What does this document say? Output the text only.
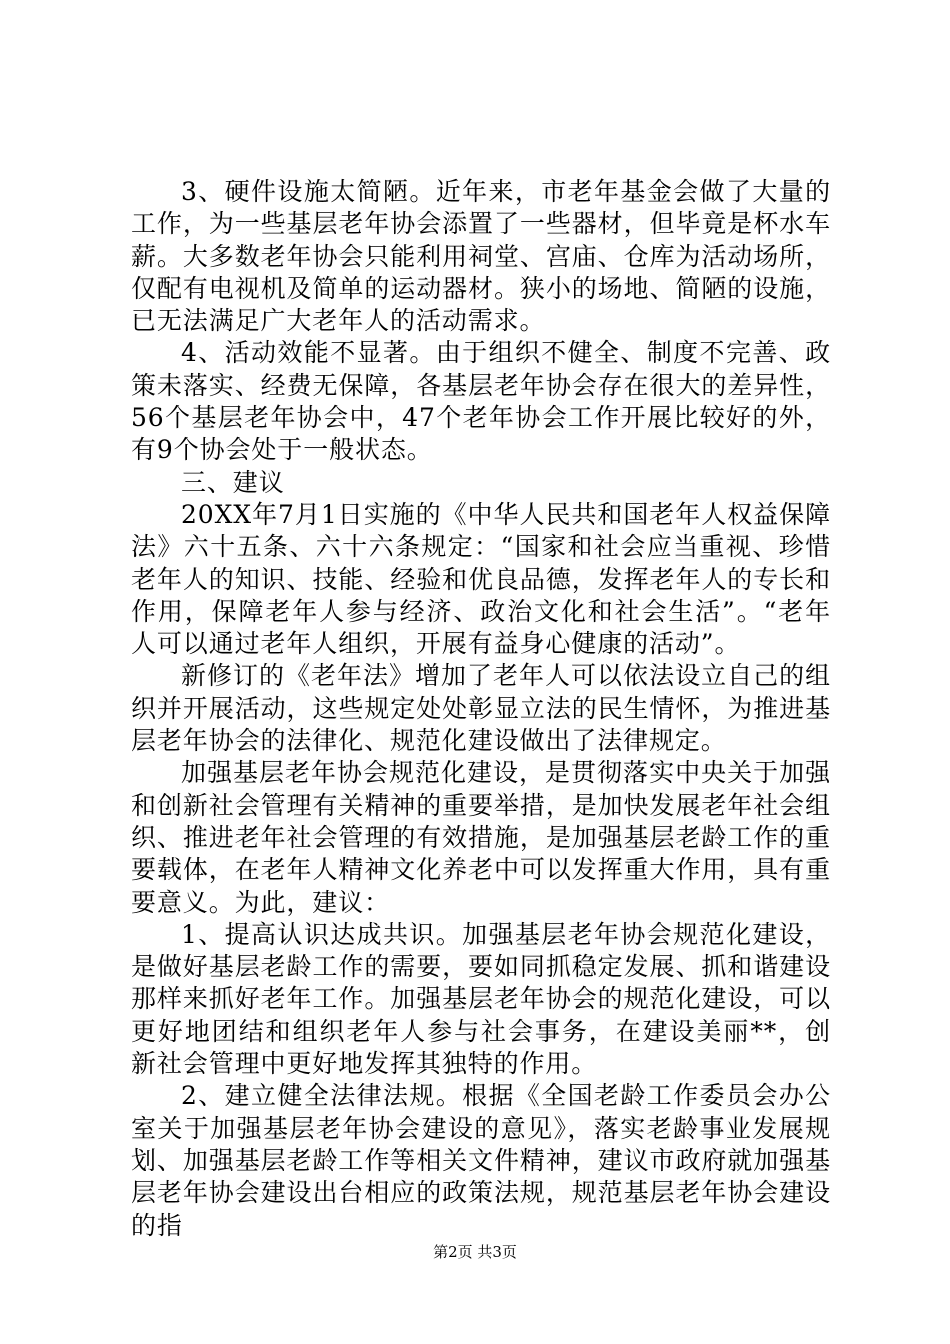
3、硬件设施太简陋。近年来，市老年基金会做了大量的工作，为一些基层老年协会添置了一些器材，但毕竟是杯水车薪。大多数老年协会只能利用祠堂、宫庙、仓库为活动场所，仅配有电视机及简单的运动器材。狭小的场地、简陋的设施，已无法满足广大老年人的活动需求。

4、活动效能不显著。由于组织不健全、制度不完善、政策未落实、经费无保障，各基层老年协会存在很大的差异性，56个基层老年协会中，47个老年协会工作开展比较好的外，有9个协会处于一般状态。

三、建议

20XX年7月1日实施的《中华人民共和国老年人权益保障法》六十五条、六十六条规定：“国家和社会应当重视、珍惜老年人的知识、技能、经验和优良品德，发挥老年人的专长和作用，保障老年人参与经济、政治文化和社会生活”。“老年人可以通过老年人组织，开展有益身心健康的活动”。

新修订的《老年法》增加了老年人可以依法设立自己的组织并开展活动，这些规定处处彰显立法的民生情怀，为推进基层老年协会的法律化、规范化建设做出了法律规定。

加强基层老年协会规范化建设，是贯彻落实中央关于加强和创新社会管理有关精神的重要举措，是加快发展老年社会组织、推进老年社会管理的有效措施，是加强基层老龄工作的重要载体，在老年人精神文化养老中可以发挥重大作用，具有重要意义。为此，建议：

1、提高认识达成共识。加强基层老年协会规范化建设，是做好基层老龄工作的需要，要如同抓稳定发展、抓和谐建设那样来抓好老年工作。加强基层老年协会的规范化建设，可以更好地团结和组织老年人参与社会事务，在建设美丽**，创新社会管理中更好地发挥其独特的作用。

2、建立健全法律法规。根据《全国老龄工作委员会办公室关于加强基层老年协会建设的意见》，落实老龄事业发展规划、加强基层老龄工作等相关文件精神，建议市政府就加强基层老年协会建设出台相应的政策法规，规范基层老年协会建设的指

第2页 共3页
